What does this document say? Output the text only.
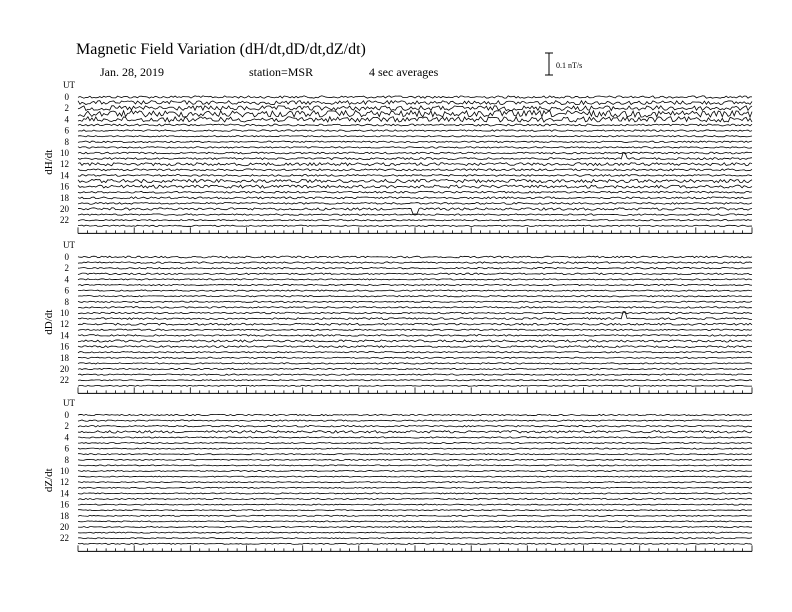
Magnetic Field Variation (dH/dt,dD/dt,dZ/dt)
Jan. 28, 2019	station=MSR	4 sec averages	0.1 nT/s
UT
dH/dt
0
2
4
6
8
10
12
14
16
18
20
22
UT
dD/dt
0
2
4
6
8
10
12
14
16
18
20
22
UT
dZ/dt
0
2
4
6
8
10
12
14
16
18
20
22
